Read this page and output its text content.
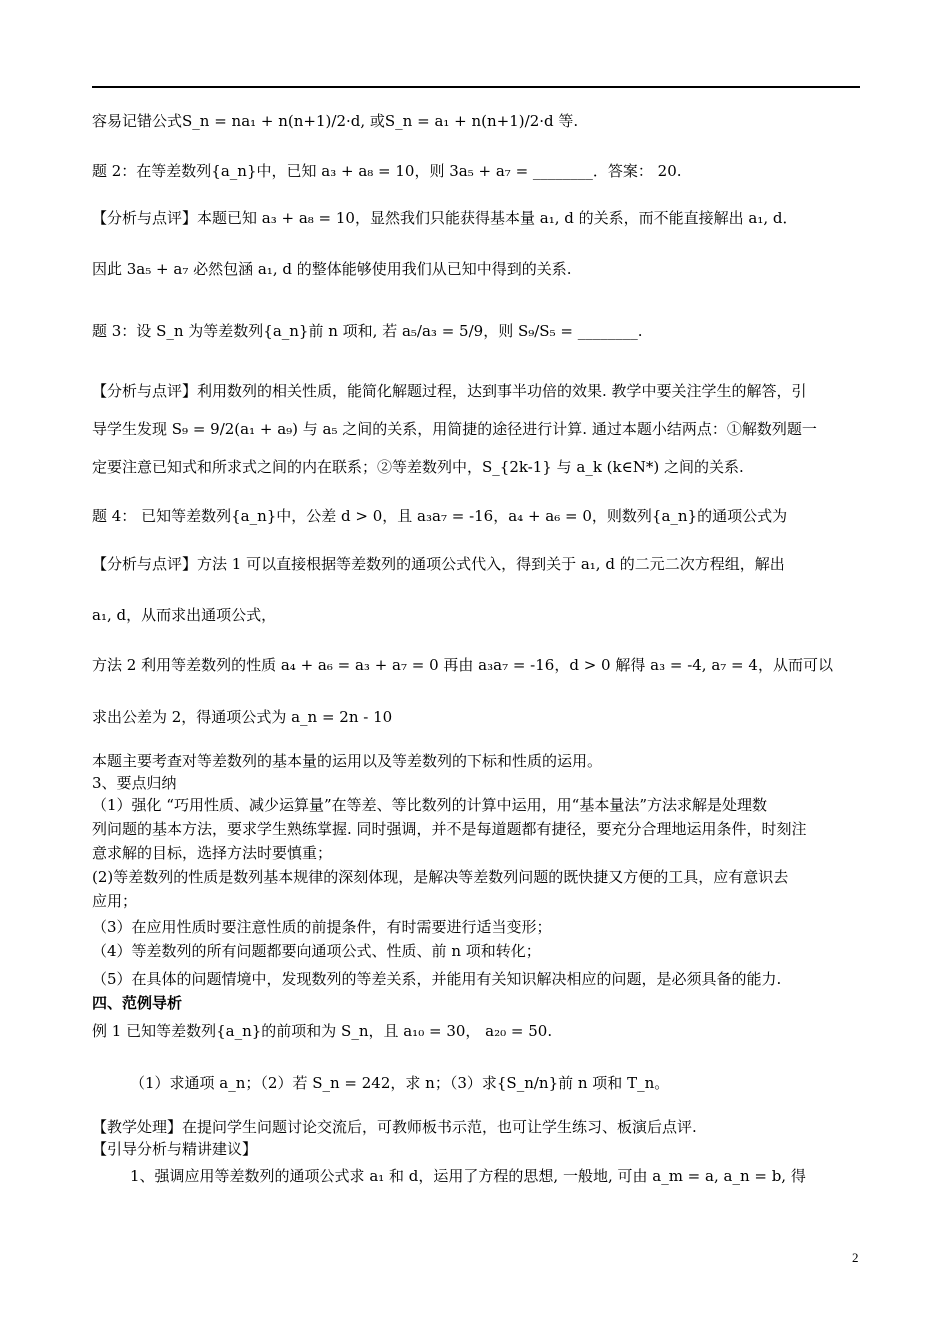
容易记错公式S_n = na₁ + n(n+1)/2·d, 或S_n = a₁ + n(n+1)/2·d 等.
题 2：在等差数列{a_n}中，已知 a₃ + a₈ = 10，则 3a₅ + a₇ = ________．答案： 20.
【分析与点评】本题已知 a₃ + a₈ = 10，显然我们只能获得基本量 a₁, d 的关系，而不能直接解出 a₁, d．
因此 3a₅ + a₇ 必然包涵 a₁, d 的整体能够使用我们从已知中得到的关系.
题 3：设 S_n 为等差数列{a_n}前 n 项和, 若 a₅/a₃ = 5/9，则 S₉/S₅ = ________.
【分析与点评】利用数列的相关性质，能简化解题过程，达到事半功倍的效果. 教学中要关注学生的解答，引
导学生发现 S₉ = 9/2(a₁ + a₉) 与 a₅ 之间的关系，用简捷的途径进行计算. 通过本题小结两点：①解数列题一
定要注意已知式和所求式之间的内在联系；②等差数列中，S_{2k-1} 与 a_k (k∈N*) 之间的关系.
题 4： 已知等差数列{a_n}中，公差 d > 0，且 a₃a₇ = -16，a₄ + a₆ = 0，则数列{a_n}的通项公式为
【分析与点评】方法 1 可以直接根据等差数列的通项公式代入，得到关于 a₁, d 的二元二次方程组，解出
a₁, d，从而求出通项公式，
方法 2 利用等差数列的性质 a₄ + a₆ = a₃ + a₇ = 0 再由 a₃a₇ = -16，d > 0 解得 a₃ = -4, a₇ = 4，从而可以
求出公差为 2，得通项公式为 a_n = 2n - 10
本题主要考查对等差数列的基本量的运用以及等差数列的下标和性质的运用。
3、要点归纳
（1）强化 “巧用性质、减少运算量”在等差、等比数列的计算中运用，用“基本量法”方法求解是处理数
列问题的基本方法，要求学生熟练掌握. 同时强调，并不是每道题都有捷径，要充分合理地运用条件，时刻注
意求解的目标，选择方法时要慎重；
(2)等差数列的性质是数列基本规律的深刻体现，是解决等差数列问题的既快捷又方便的工具，应有意识去
应用；
（3）在应用性质时要注意性质的前提条件，有时需要进行适当变形；
（4）等差数列的所有问题都要向通项公式、性质、前 n 项和转化；
（5）在具体的问题情境中，发现数列的等差关系，并能用有关知识解决相应的问题，是必须具备的能力.
四、范例导析
例 1 已知等差数列{a_n}的前项和为 S_n，且 a₁₀ = 30， a₂₀ = 50.
（1）求通项 a_n；（2）若 S_n = 242，求 n；（3）求{S_n/n}前 n 项和 T_n。
【教学处理】在提问学生问题讨论交流后，可教师板书示范，也可让学生练习、板演后点评.
【引导分析与精讲建议】
1、强调应用等差数列的通项公式求 a₁ 和 d，运用了方程的思想, 一般地, 可由 a_m = a, a_n = b, 得
2
